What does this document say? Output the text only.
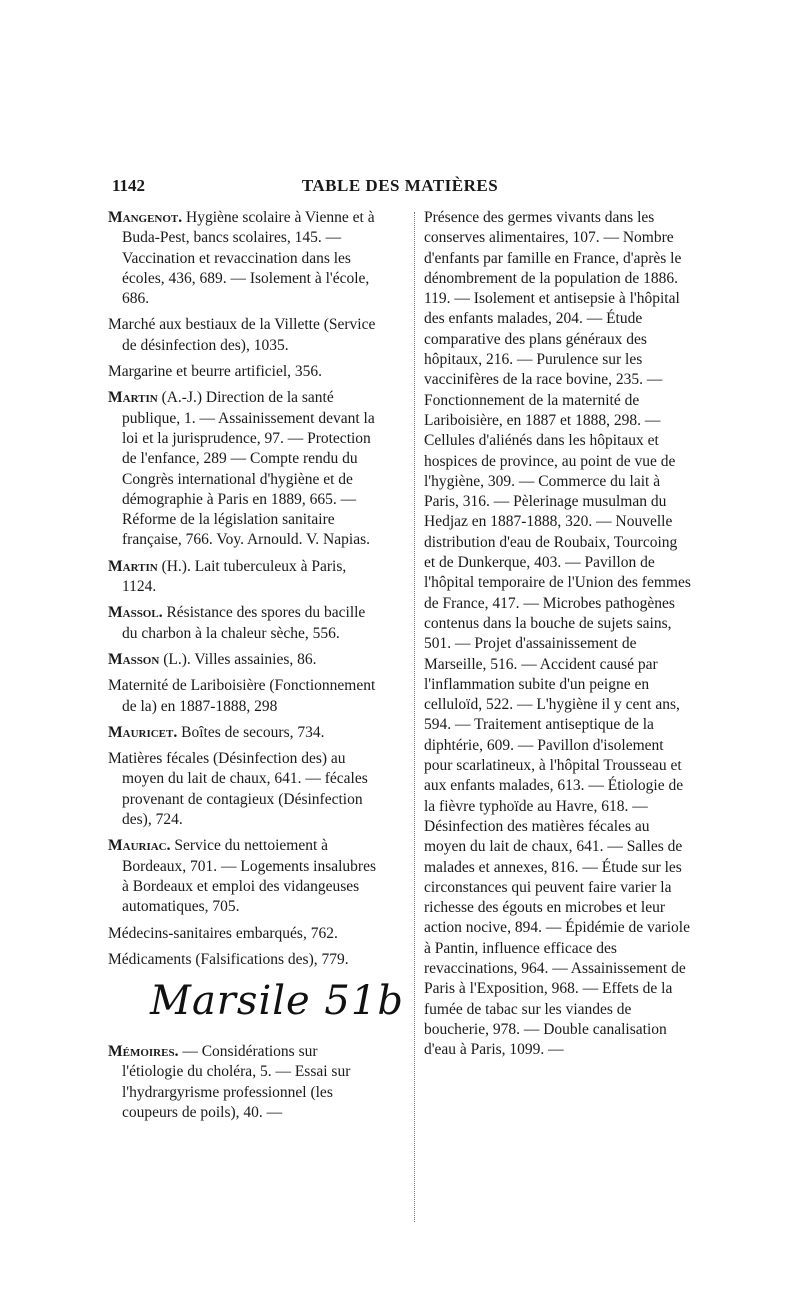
1142	TABLE DES MATIÈRES

Mangenot. Hygiène scolaire à Vienne et à Buda-Pest, bancs scolaires, 145. — Vaccination et revaccination dans les écoles, 436, 689. — Isolement à l'école, 686.

Marché aux bestiaux de la Villette (Service de désinfection des), 1035.

Margarine et beurre artificiel, 356.

Martin (A.-J.) Direction de la santé publique, 1. — Assainissement devant la loi et la jurisprudence, 97. — Protection de l'enfance, 289 — Compte rendu du Congrès international d'hygiène et de démographie à Paris en 1889, 665. — Réforme de la législation sanitaire française, 766. Voy. Arnould. V. Napias.

Martin (H.). Lait tuberculeux à Paris, 1124.

Massol. Résistance des spores du bacille du charbon à la chaleur sèche, 556.

Masson (L.). Villes assainies, 86.

Maternité de Lariboisière (Fonctionnement de la) en 1887-1888, 298

Mauricet. Boîtes de secours, 734.

Matières fécales (Désinfection des) au moyen du lait de chaux, 641. — fécales provenant de contagieux (Désinfection des), 724.

Mauriac. Service du nettoiement à Bordeaux, 701. — Logements insalubres à Bordeaux et emploi des vidangeuses automatiques, 705.

Médecins-sanitaires embarqués, 762.

Médicaments (Falsifications des), 779.

Mémoires. — Considérations sur l'étiologie du choléra, 5. — Essai sur l'hydrargyrisme professionnel (les coupeurs de poils), 40. —

Marsile 51b

Présence des germes vivants dans les conserves alimentaires, 107. — Nombre d'enfants par famille en France, d'après le dénombrement de la population de 1886. 119. — Isolement et antisepsie à l'hôpital des enfants malades, 204. — Étude comparative des plans généraux des hôpitaux, 216. — Purulence sur les vaccinifères de la race bovine, 235. — Fonctionnement de la maternité de Lariboisière, en 1887 et 1888, 298. — Cellules d'aliénés dans les hôpitaux et hospices de province, au point de vue de l'hygiène, 309. — Commerce du lait à Paris, 316. — Pèlerinage musulman du Hedjaz en 1887-1888, 320. — Nouvelle distribution d'eau de Roubaix, Tourcoing et de Dunkerque, 403. — Pavillon de l'hôpital temporaire de l'Union des femmes de France, 417. — Microbes pathogènes contenus dans la bouche de sujets sains, 501. — Projet d'assainissement de Marseille, 516. — Accident causé par l'inflammation subite d'un peigne en celluloïd, 522. — L'hygiène il y cent ans, 594. — Traitement antiseptique de la diphtérie, 609. — Pavillon d'isolement pour scarlatineux, à l'hôpital Trousseau et aux enfants malades, 613. — Étiologie de la fièvre typhoïde au Havre, 618. — Désinfection des matières fécales au moyen du lait de chaux, 641. — Salles de malades et annexes, 816. — Étude sur les circonstances qui peuvent faire varier la richesse des égouts en microbes et leur action nocive, 894. — Épidémie de variole à Pantin, influence efficace des revaccinations, 964. — Assainissement de Paris à l'Exposition, 968. — Effets de la fumée de tabac sur les viandes de boucherie, 978. — Double canalisation d'eau à Paris, 1099. —
